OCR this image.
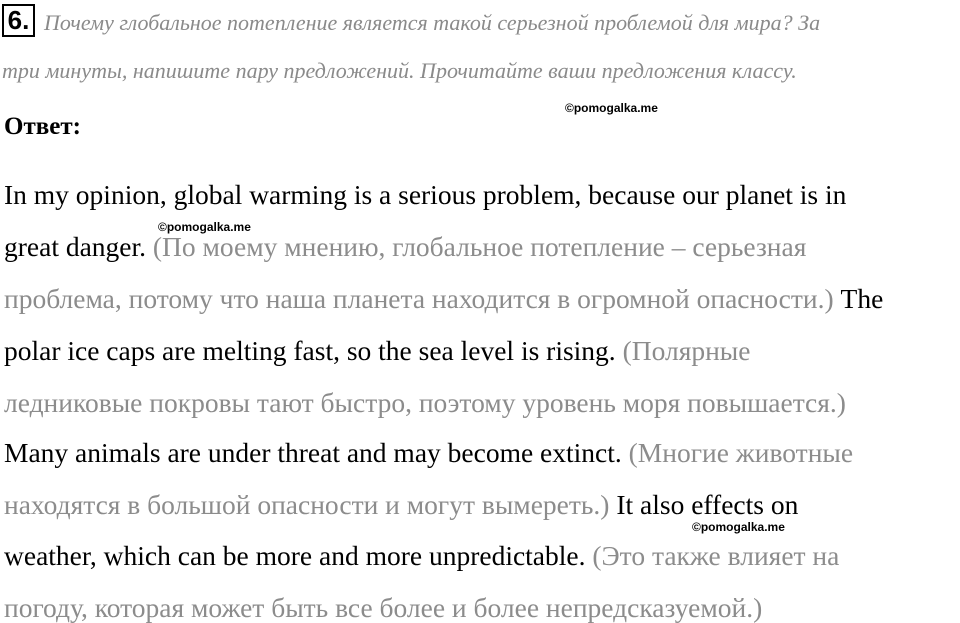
6. Почему глобальное потепление является такой серьезной проблемой для мира? За
три минуты, напишите пару предложений. Прочитайте ваши предложения классу.
Ответ:
©pomogalka.me
©pomogalka.me
©pomogalka.me
In my opinion, global warming is a serious problem, because our planet is in
great danger. (По моему мнению, глобальное потепление – серьезная
проблема, потому что наша планета находится в огромной опасности.) The
polar ice caps are melting fast, so the sea level is rising. (Полярные
ледниковые покровы тают быстро, поэтому уровень моря повышается.)
Many animals are under threat and may become extinct. (Многие животные
находятся в большой опасности и могут вымереть.) It also effects on
weather, which can be more and more unpredictable. (Это также влияет на
погоду, которая может быть все более и более непредсказуемой.)
